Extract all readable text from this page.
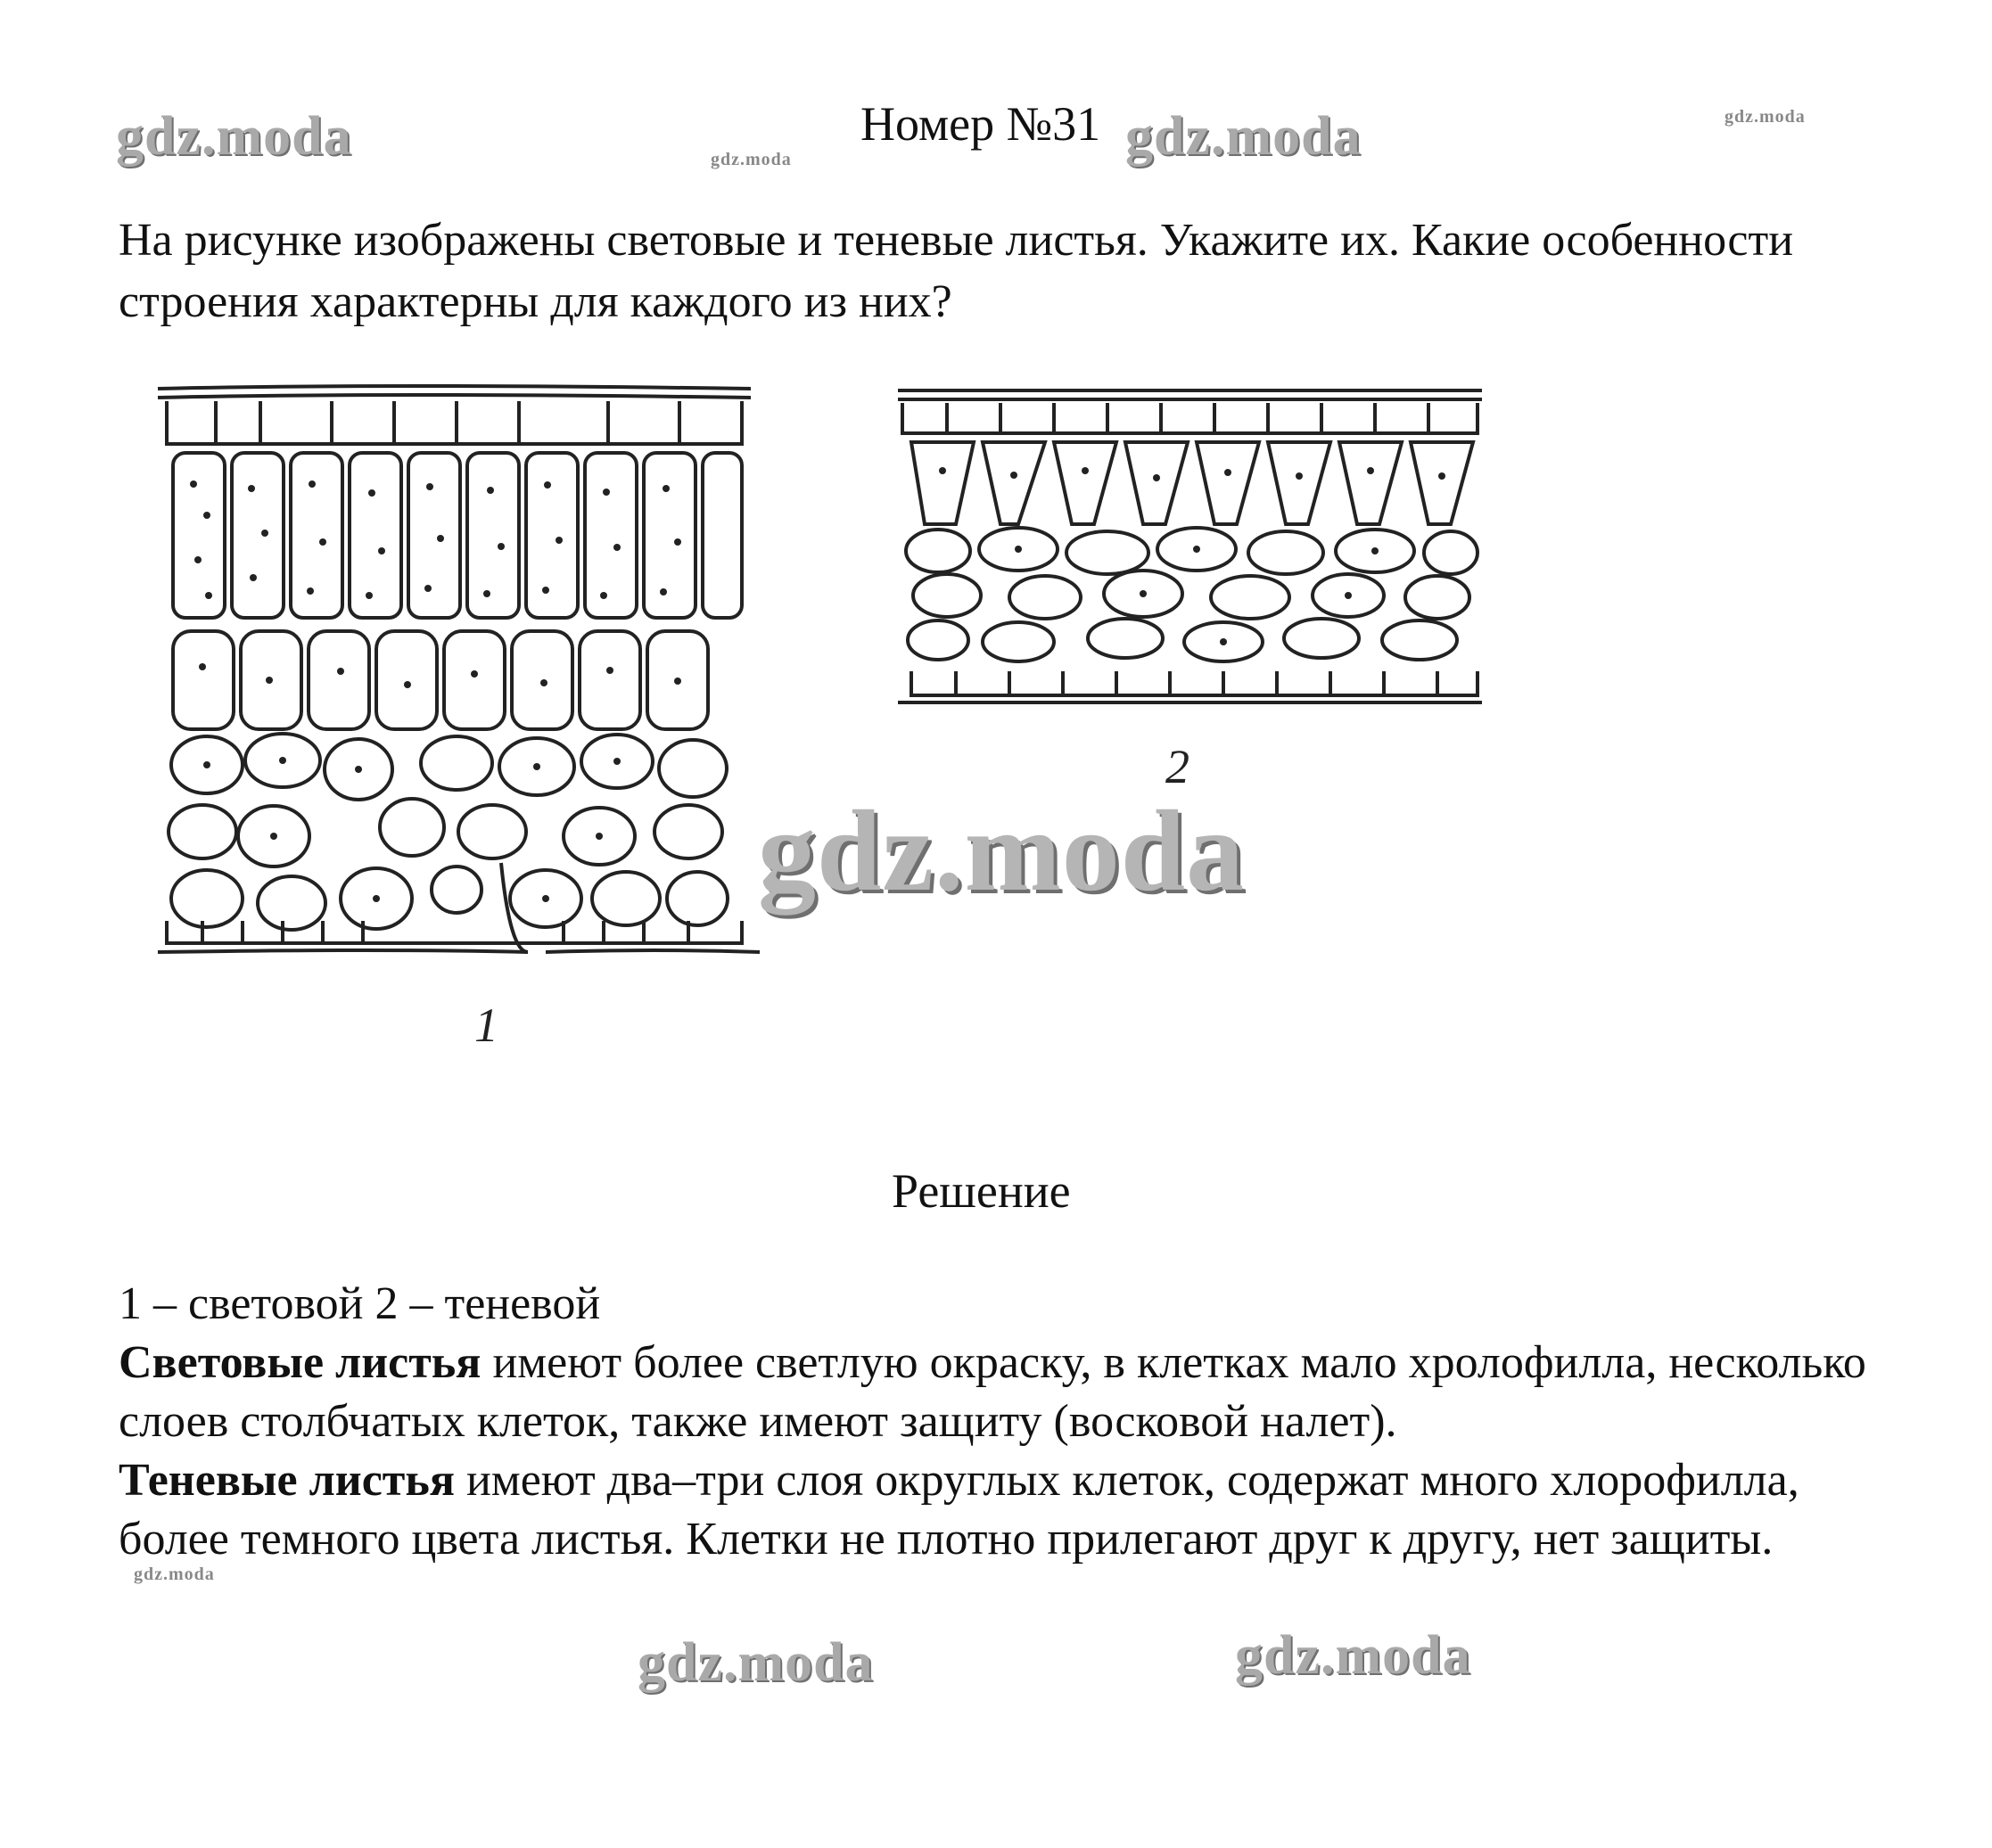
gdz.moda	gdz.moda	gdz.moda	gdz.moda
Номер №31
На рисунке изображены световые и теневые листья. Укажите их. Какие особенности строения характерны для каждого из них?
1
2
gdz.moda
Решение

1 – световой 2 – теневой

Световые листья имеют более светлую окраску, в клетках мало хролофилла, несколько слоев столбчатых клеток, также имеют защиту (восковой налет).

Теневые листья имеют два–три слоя округлых клеток, содержат много хлорофилла, более темного цвета листья. Клетки не плотно прилегают друг к другу, нет защиты.

gdz.moda
gdz.moda	gdz.moda
